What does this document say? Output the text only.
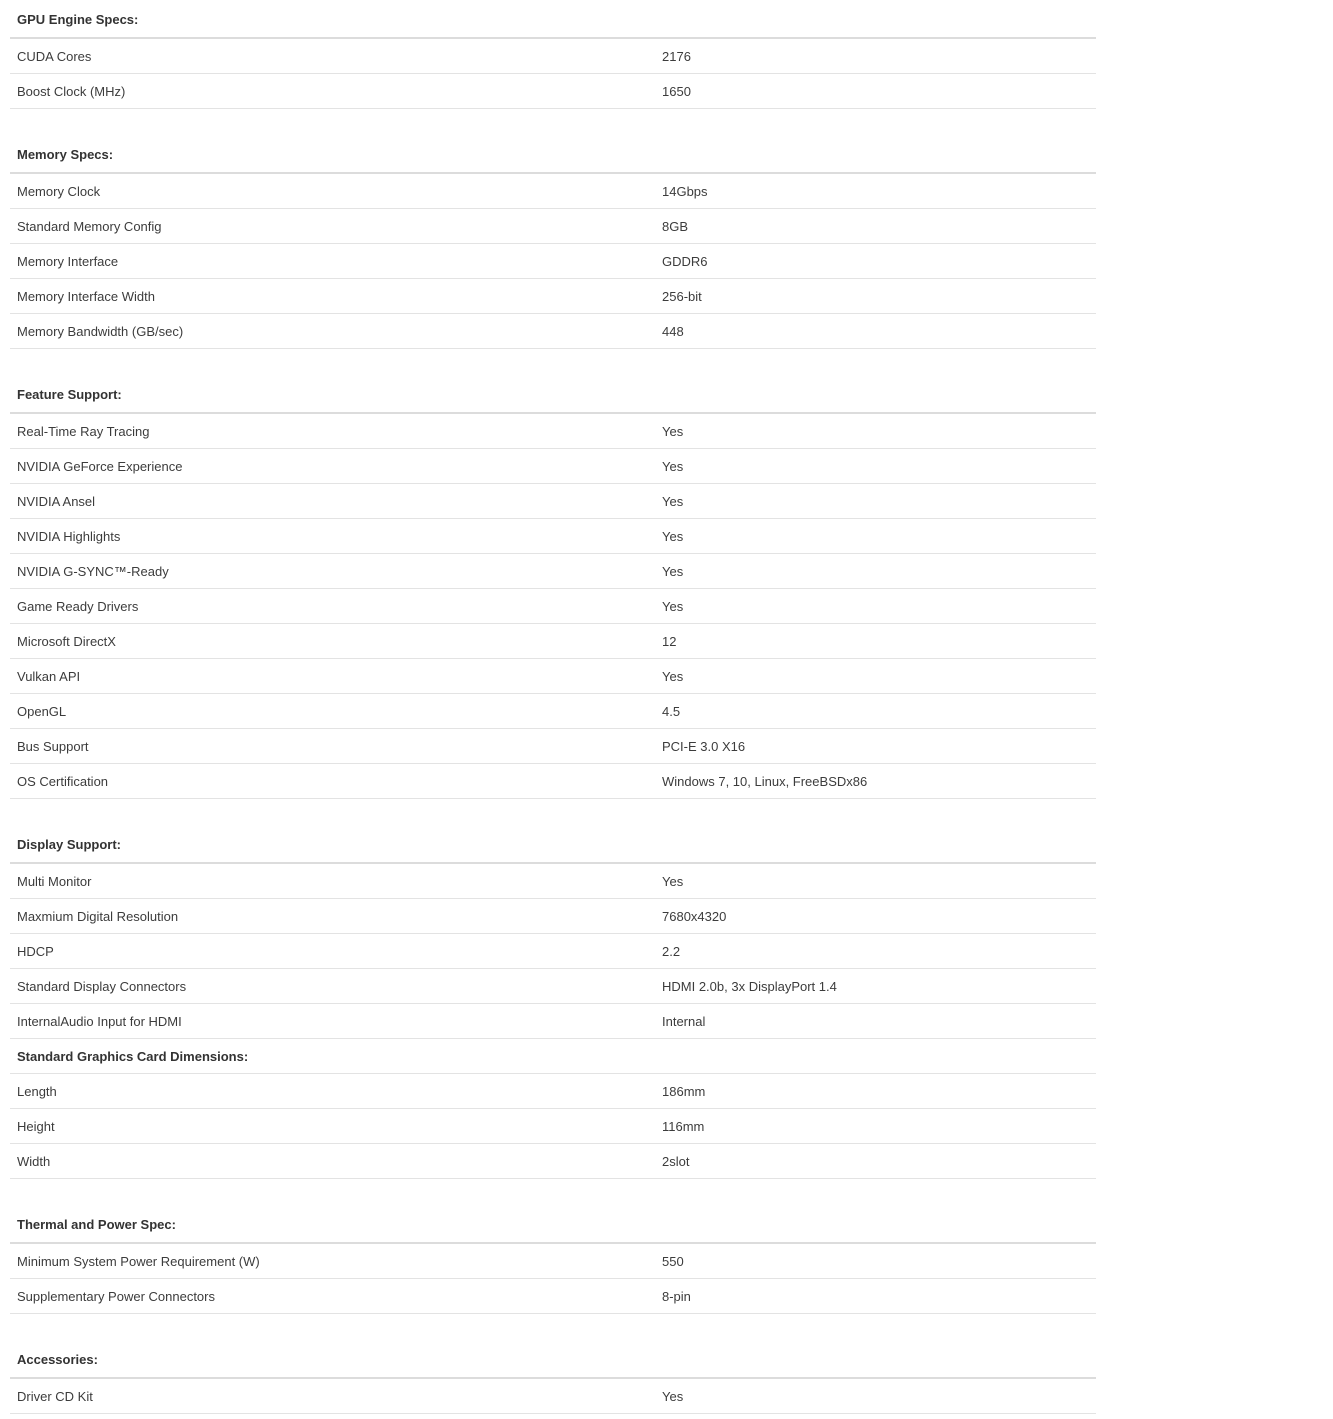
GPU Engine Specs:
CUDA Cores	2176
Boost Clock (MHz)	1650
Memory Specs:
Memory Clock	14Gbps
Standard Memory Config	8GB
Memory Interface	GDDR6
Memory Interface Width	256-bit
Memory Bandwidth (GB/sec)	448
Feature Support:
Real-Time Ray Tracing	Yes
NVIDIA GeForce Experience	Yes
NVIDIA Ansel	Yes
NVIDIA Highlights	Yes
NVIDIA G-SYNC™-Ready	Yes
Game Ready Drivers	Yes
Microsoft DirectX	12
Vulkan API	Yes
OpenGL	4.5
Bus Support	PCI-E 3.0 X16
OS Certification	Windows 7, 10, Linux, FreeBSDx86
Display Support:
Multi Monitor	Yes
Maxmium Digital Resolution	7680x4320
HDCP	2.2
Standard Display Connectors	HDMI 2.0b, 3x DisplayPort 1.4
InternalAudio Input for HDMI	Internal
Standard Graphics Card Dimensions:
Length	186mm
Height	116mm
Width	2slot
Thermal and Power Spec:
Minimum System Power Requirement (W)	550
Supplementary Power Connectors	8-pin
Accessories:
Driver CD Kit	Yes
